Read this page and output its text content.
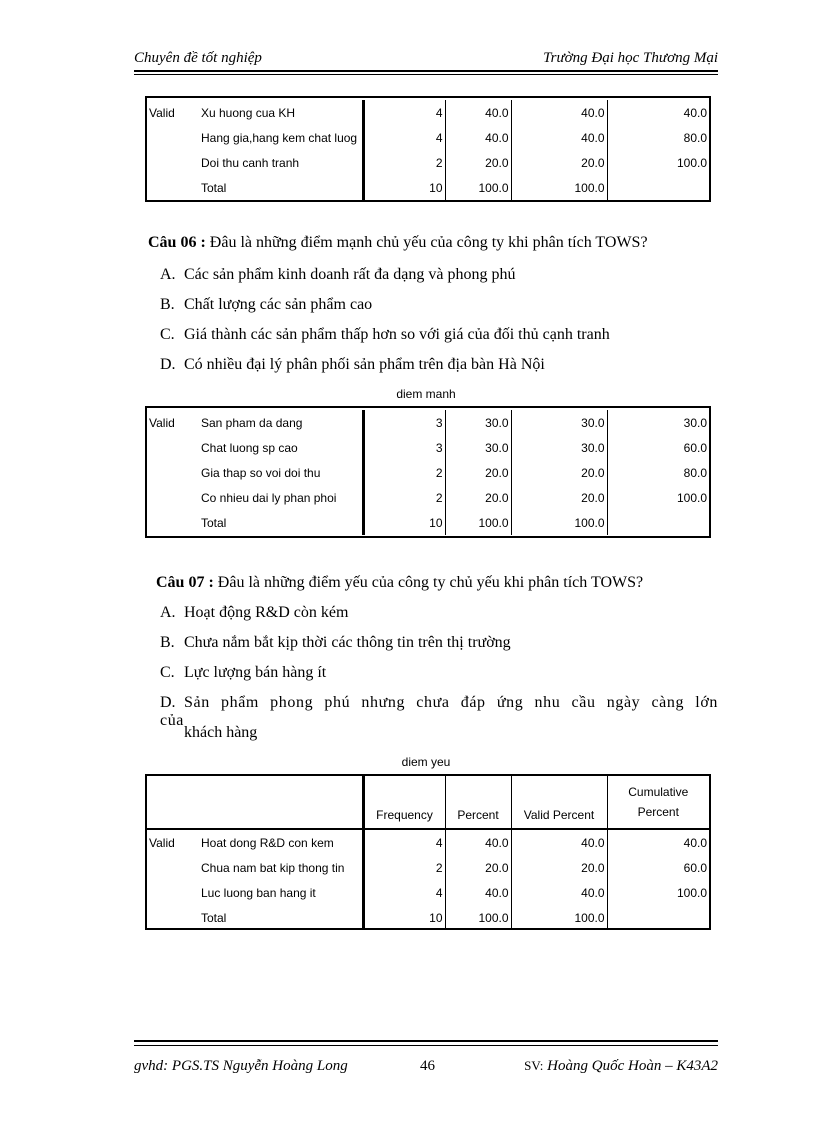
Chuyên đề tốt nghiệp	Trường Đại học Thương Mại
Valid	Xu huong cua KH	4	40.0	40.0	40.0
	Hang gia,hang kem chat luog	4	40.0	40.0	80.0
	Doi thu canh tranh	2	20.0	20.0	100.0
	Total	10	100.0	100.0	
Câu 06 : Đâu là những điểm mạnh chủ yếu của công ty khi phân tích TOWS?
A. Các sản phẩm kinh doanh rất đa dạng và phong phú
B. Chất lượng các sản phẩm cao
C. Giá thành các sản phẩm thấp hơn so với giá của đối thủ cạnh tranh
D. Có nhiều đại lý phân phối sản phẩm trên địa bàn Hà Nội
diem manh
Valid	San pham da dang	3	30.0	30.0	30.0
	Chat luong sp cao	3	30.0	30.0	60.0
	Gia thap so voi doi thu	2	20.0	20.0	80.0
	Co nhieu dai ly phan phoi	2	20.0	20.0	100.0
	Total	10	100.0	100.0	
Câu 07 : Đâu là những điểm yếu của công ty chủ yếu khi phân tích TOWS?
A. Hoạt động R&D còn kém
B. Chưa nắm bắt kịp thời các thông tin trên thị trường
C. Lực lượng bán hàng ít
D. Sản phẩm phong phú nhưng chưa đáp ứng nhu cầu ngày càng lớn của
khách hàng
diem yeu
		Frequency	Percent	Valid Percent	Cumulative
Percent

Valid	Hoat dong R&D con kem	4	40.0	40.0	40.0
	Chua nam bat kip thong tin	2	20.0	20.0	60.0
	Luc luong ban hang it	4	40.0	40.0	100.0
	Total	10	100.0	100.0	
gvhd: PGS.TS Nguyễn Hoàng Long	46	SV: Hoàng Quốc Hoàn – K43A2
